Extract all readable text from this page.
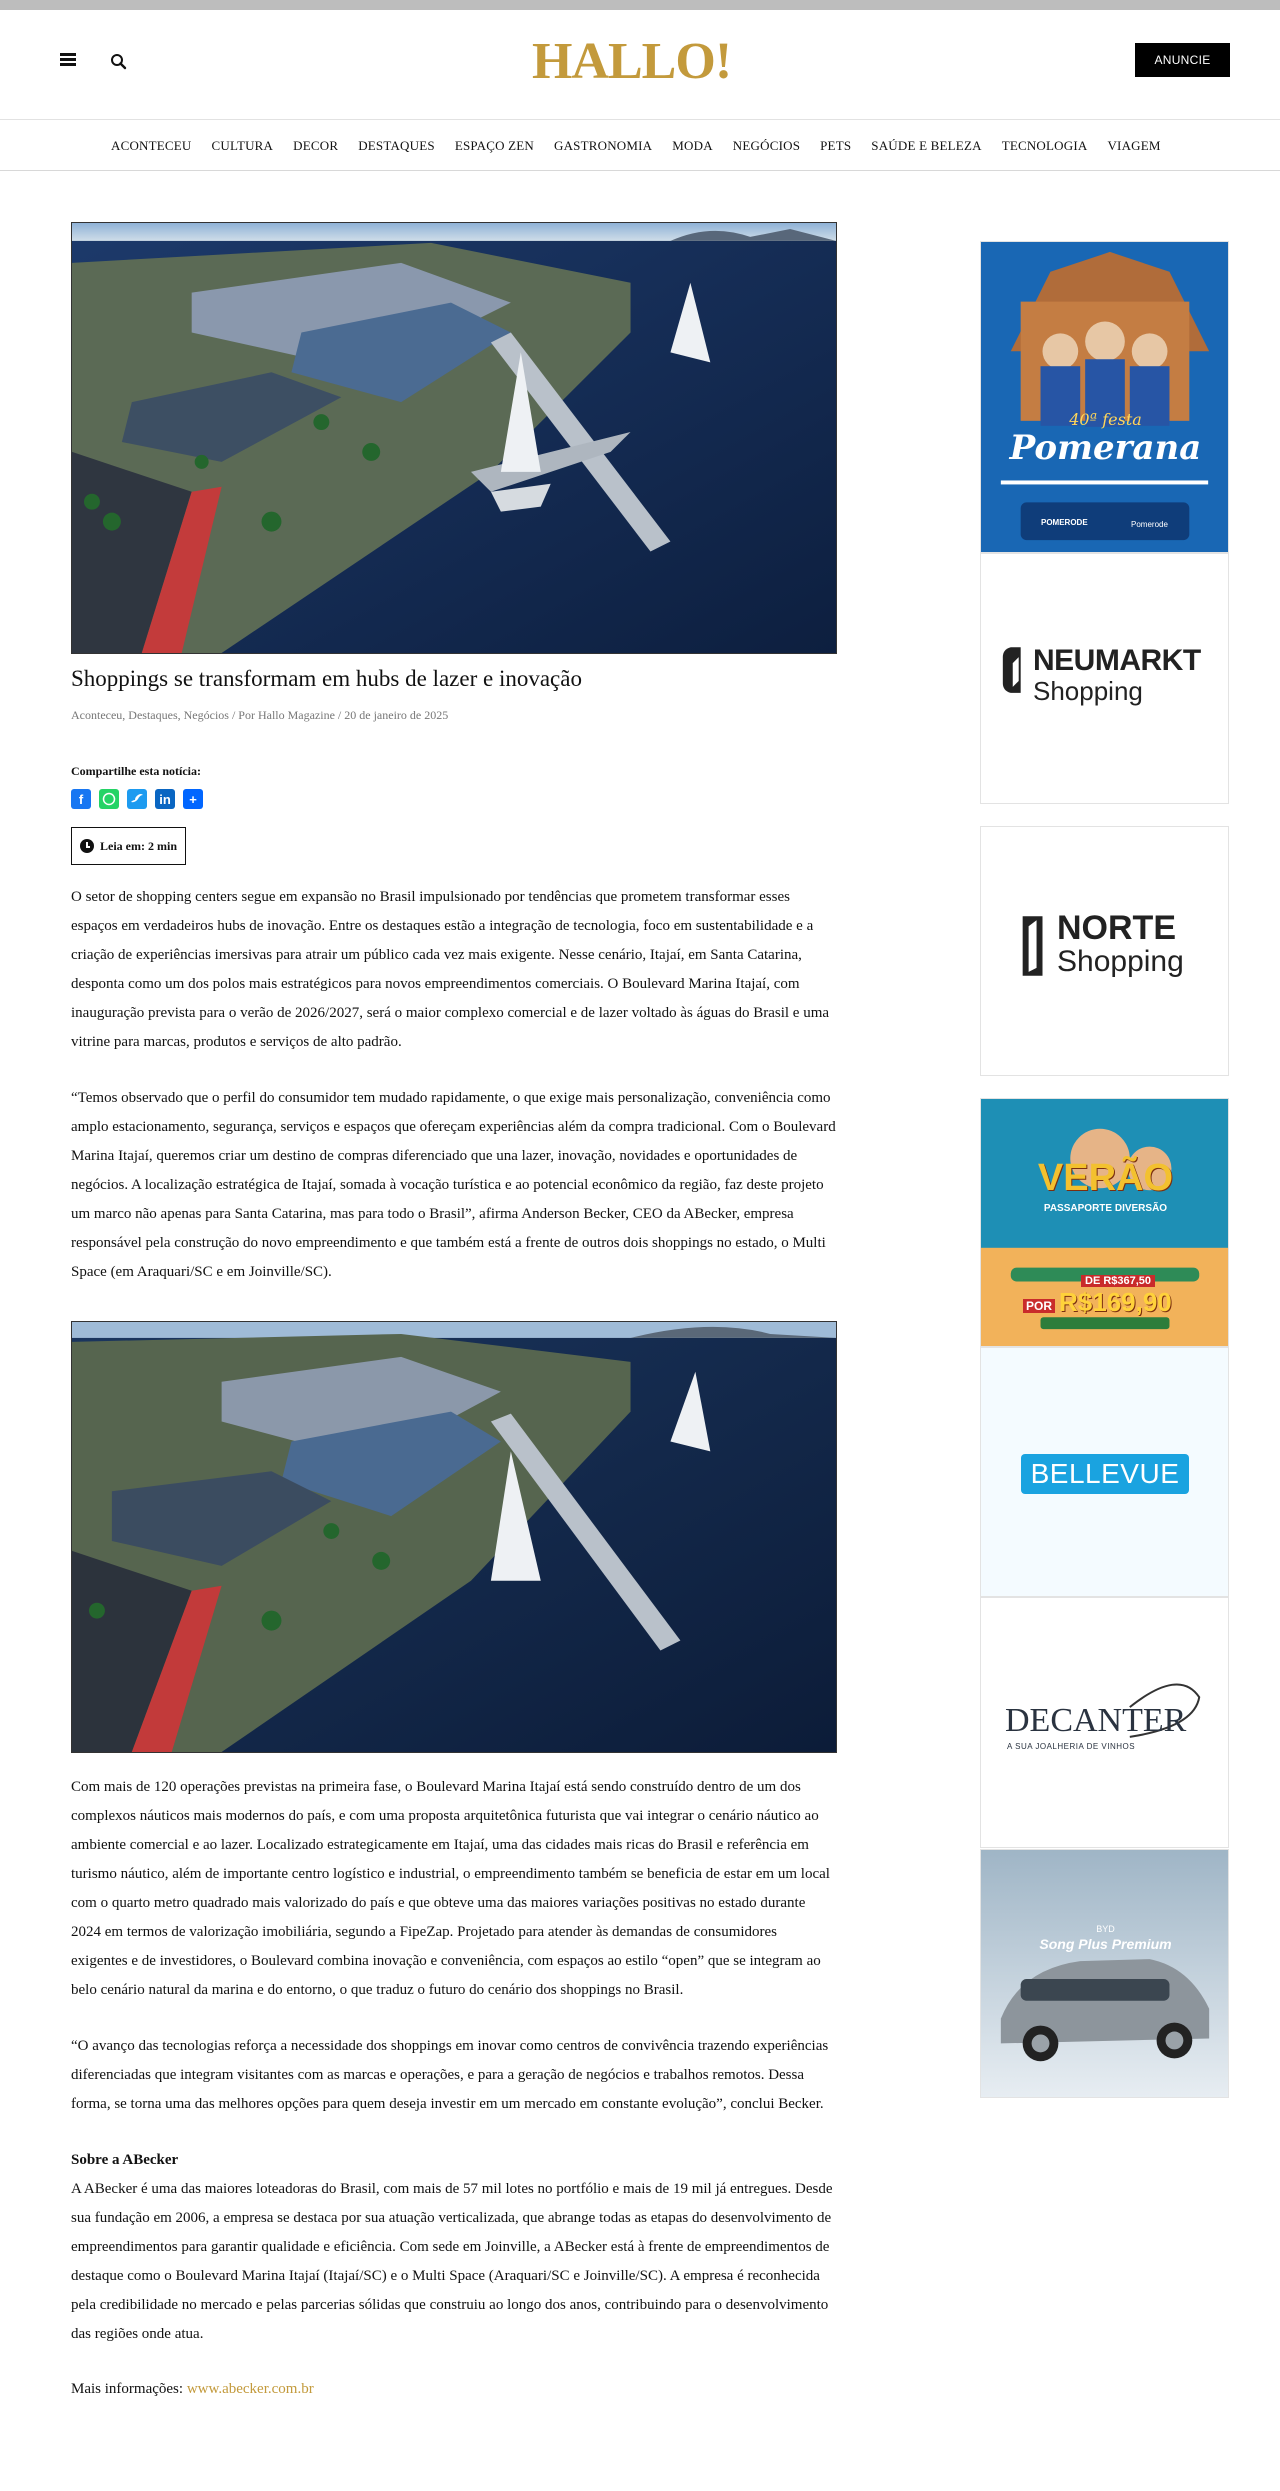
HALLO!	ANUNCIE
ACONTECEU CULTURA DECOR DESTAQUES ESPAÇO ZEN GASTRONOMIA MODA NEGÓCIOS PETS SAÚDE E BELEZA TECNOLOGIA VIAGEM
Shoppings se transformam em hubs de lazer e inovação
Aconteceu, Destaques, Negócios / Por Hallo Magazine / 20 de janeiro de 2025
Compartilhe esta notícia:
f	in	+
Leia em: 2 min

O setor de shopping centers segue em expansão no Brasil impulsionado por tendências que prometem transformar esses espaços em verdadeiros hubs de inovação. Entre os destaques estão a integração de tecnologia, foco em sustentabilidade e a criação de experiências imersivas para atrair um público cada vez mais exigente. Nesse cenário, Itajaí, em Santa Catarina, desponta como um dos polos mais estratégicos para novos empreendimentos comerciais. O Boulevard Marina Itajaí, com inauguração prevista para o verão de 2026/2027, será o maior complexo comercial e de lazer voltado às águas do Brasil e uma vitrine para marcas, produtos e serviços de alto padrão.

“Temos observado que o perfil do consumidor tem mudado rapidamente, o que exige mais personalização, conveniência como amplo estacionamento, segurança, serviços e espaços que ofereçam experiências além da compra tradicional. Com o Boulevard Marina Itajaí, queremos criar um destino de compras diferenciado que una lazer, inovação, novidades e oportunidades de negócios. A localização estratégica de Itajaí, somada à vocação turística e ao potencial econômico da região, faz deste projeto um marco não apenas para Santa Catarina, mas para todo o Brasil”, afirma Anderson Becker, CEO da ABecker, empresa responsável pela construção do novo empreendimento e que também está a frente de outros dois shoppings no estado, o Multi Space (em Araquari/SC e em Joinville/SC).

Com mais de 120 operações previstas na primeira fase, o Boulevard Marina Itajaí está sendo construído dentro de um dos complexos náuticos mais modernos do país, e com uma proposta arquitetônica futurista que vai integrar o cenário náutico ao ambiente comercial e ao lazer. Localizado estrategicamente em Itajaí, uma das cidades mais ricas do Brasil e referência em turismo náutico, além de importante centro logístico e industrial, o empreendimento também se beneficia de estar em um local com o quarto metro quadrado mais valorizado do país e que obteve uma das maiores variações positivas no estado durante 2024 em termos de valorização imobiliária, segundo a FipeZap. Projetado para atender às demandas de consumidores exigentes e de investidores, o Boulevard combina inovação e conveniência, com espaços ao estilo “open” que se integram ao belo cenário natural da marina e do entorno, o que traduz o futuro do cenário dos shoppings no Brasil.

“O avanço das tecnologias reforça a necessidade dos shoppings em inovar como centros de convivência trazendo experiências diferenciadas que integram visitantes com as marcas e operações, e para a geração de negócios e trabalhos remotos. Dessa forma, se torna uma das melhores opções para quem deseja investir em um mercado em constante evolução”, conclui Becker.

Sobre a ABecker

A ABecker é uma das maiores loteadoras do Brasil, com mais de 57 mil lotes no portfólio e mais de 19 mil já entregues. Desde sua fundação em 2006, a empresa se destaca por sua atuação verticalizada, que abrange todas as etapas do desenvolvimento de empreendimentos para garantir qualidade e eficiência. Com sede em Joinville, a ABecker está à frente de empreendimentos de destaque como o Boulevard Marina Itajaí (Itajaí/SC) e o Multi Space (Araquari/SC e Joinville/SC). A empresa é reconhecida pela credibilidade no mercado e pelas parcerias sólidas que construiu ao longo dos anos, contribuindo para o desenvolvimento das regiões onde atua.

Mais informações: www.abecker.com.br

40ª festa
Pomerana
POMERODE	Pomerode
NEUMARKT
Shopping
NORTE
Shopping
VERÃO
PASSAPORTE DIVERSÃO
DE R$367,50
POR R$169,90
BELLEVUE
DECANTER
A SUA JOALHERIA DE VINHOS
BYD
Song Plus Premium
